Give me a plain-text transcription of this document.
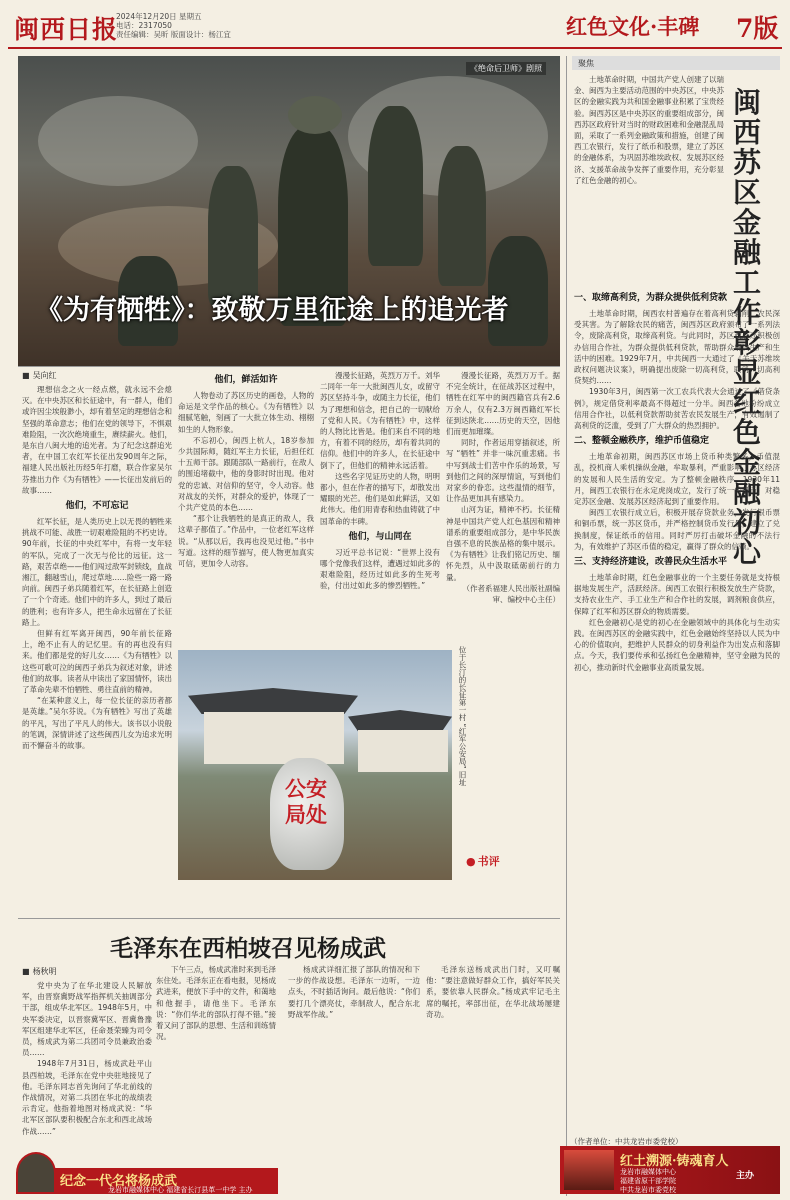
闽西日报
2024年12月20日 星期五
电话：2317050
责任编辑：吴昕 版面设计：杨江宜	红色文化·丰碑 7版
《绝命后卫师》剧照
《为有牺牲》：致敬万里征途上的追光者
聚焦
闽西苏区金融工作彰显红色金融初心

土地革命时期，中国共产党人创建了以瑞金、闽西为主要活动范围的中央苏区，中央苏区的金融实践为共和国金融事业积累了宝贵经验。闽西苏区是中央苏区的重要组成部分，闽西苏区政府针对当时的财政困难和金融混乱局面，采取了一系列金融政策和措施，创建了闽西工农银行，发行了纸币和股票，建立了苏区的金融体系，为巩固苏维埃政权、发展苏区经济、支援革命战争发挥了重要作用，充分彰显了红色金融的初心。

一、取缔高利贷，为群众提供低利贷款

土地革命时期，闽西农村普遍存在着高利贷剥削，农民深受其害。为了解除农民的痛苦，闽西苏区政府颁布了一系列法令，废除高利贷，取缔高利贷。与此同时，苏区政府还积极创办信用合作社，为群众提供低利贷款，帮助群众解决生产和生活中的困难。1929年7月，中共闽西一大通过了《关于苏维埃政权问题决议案》，明确提出废除一切高利贷，取消一切高利贷契约……

1930年3月，闽西第一次工农兵代表大会通过了《借贷条例》，规定借贷利率最高不得超过一分半。闽西各地纷纷成立信用合作社，以低利贷款帮助贫苦农民发展生产，有效遏制了高利贷的泛滥，受到了广大群众的热烈拥护。

二、整顿金融秩序，维护币值稳定

土地革命初期，闽西苏区市场上货币种类繁多，币值混乱，投机商人乘机操纵金融，牟取暴利，严重影响了苏区经济的发展和人民生活的安定。为了整顿金融秩序，1930年11月，闽西工农银行在永定虎岗成立，发行了统一的纸币，对稳定苏区金融、发展苏区经济起到了重要作用。

闽西工农银行成立后，积极开展存贷款业务，发行银币票和铜币票，统一苏区货币，并严格控制货币发行量，建立了兑换制度，保证纸币的信用。同时严厉打击破坏金融的不法行为，有效维护了苏区币值的稳定，赢得了群众的信赖。

三、支持经济建设，改善民众生活水平

土地革命时期，红色金融事业的一个主要任务就是支持根据地发展生产，活跃经济。闽西工农银行积极发放生产贷款，支持农业生产、手工业生产和合作社的发展，调剂粮食供应，保障了红军和苏区群众的物质需要。

红色金融初心是党的初心在金融领域中的具体化与生动实践。在闽西苏区的金融实践中，红色金融始终坚持以人民为中心的价值取向，把维护人民群众的切身利益作为出发点和落脚点。今天，我们要传承和弘扬红色金融精神，坚守金融为民的初心，推动新时代金融事业高质量发展。

（作者单位：中共龙岩市委党校）
红土溯源·铸魂育人
龙岩市融媒体中心
福建省原干部学院
中共龙岩市委党校
主办
■ 吴向红

理想信念之火一经点燃，就永远不会熄灭。在中央苏区和长征途中，有一群人，他们或许因尘埃般渺小，却有着坚定的理想信念和坚强的革命意志；他们在党的领导下，不惧艰难险阻，一次次绝境重生，赓续薪火。他们，是东自八闽大地的追光者。为了纪念这群追光者，在中国工农红军长征出发90周年之际，福建人民出版社历经5年打磨，联合作家吴尔芬推出力作《为有牺牲》——长征出发前后的故事……

他们，不可忘记

红军长征，是人类历史上以无畏的牺牲来挑战不可能、战胜一切艰难险阻的不朽史诗。90年前，长征的中央红军中，有将一支年轻的军队，完成了一次无与伦比的远征。这一路，艰苦卓绝——他们闯过敌军封锁线，血战湘江，翻越雪山，爬过草地……险些一路一路向前。闽西子弟兵随着红军，在长征路上创造了一个个奇迹。他们中的许多人，到过了最后的胜利；也有许多人，把生命永远留在了长征路上。

但鲜有红军离开闽西，90年前长征路上，绝不止有人的记忆里。有的再也没有归来。他们都是党的好儿女……《为有牺牲》以这些可歌可泣的闽西子弟兵为叙述对象，讲述他们的故事。读者从中读出了家国情怀，读出了革命先辈不怕牺牲、勇往直前的精神。

“在某种意义上，每一位长征的亲历者都是英雄。”吴尔芬说。《为有牺牲》写出了英雄的平凡，写出了平凡人的伟大。该书以小说般的笔调，深情讲述了这些闽西儿女为追求光明而不懈奋斗的故事。

他们，鲜活如许

人物卷动了苏区历史的画卷，人物的命运是文学作品的核心。《为有牺牲》以细腻笔触，刻画了一大批立体生动、栩栩如生的人物形象。

不忘初心，闽西上杭人，18岁参加少共国际师，随红军主力长征，后担任红十五师干部。跟随部队一路前行，在敌人的围追堵截中，他的身影时时出现。他对党的忠诚、对信仰的坚守，令人动容。他对战友的关怀，对群众的爱护，体现了一个共产党员的本色……

“那个让我牺牲的是真正的敌人，我这辈子都值了。”作品中，一位老红军这样说。“从那以后，我再也没见过他。”书中写道。这样的细节描写，使人物更加真实可信，更加令人动容。

漫漫长征路，英烈万万千。刘华二同年一年一大批闽西儿女，或留守苏区坚持斗争，或随主力长征，他们为了理想和信念，把自己的一切献给了党和人民。《为有牺牲》中，这样的人物比比皆是。他们来自不同的地方，有着不同的经历，却有着共同的信仰。他们中的许多人，在长征途中倒下了，但他们的精神永远活着。

这些名字见证历史的人物，明明都小，但在作者的描写下，却散发出耀眼的光芒。他们是如此鲜活，又如此伟大。他们用青春和热血铸就了中国革命的丰碑。

他们，与山同在

习近平总书记说：“世界上没有哪个党像我们这样，遭遇过如此多的艰难险阻，经历过如此多的生死考验，付出过如此多的惨烈牺牲。”

漫漫长征路，英烈万万千。据不完全统计，在征战苏区过程中，牺牲在红军中的闽西籍官兵有2.6万余人，仅有2.3万闽西籍红军长征到达陕北……历史的天空，因他们而更加璀璨。

同时，作者运用穿插叙述，所写 “牺牲” 并非一味沉重悲痛。书中写到战士们苦中作乐的场景，写到他们之间的深厚情谊，写到他们对家乡的眷恋。这些温情的细节，让作品更加具有感染力。

山河为证，精神不朽。长征精神是中国共产党人红色基因和精神谱系的重要组成部分，是中华民族自强不息的民族品格的集中展示。《为有牺牲》让我们铭记历史、缅怀先烈，从中汲取砥砺前行的力量。

（作者系福建人民出版社副编审、编校中心主任）

公安局处
位于长汀的长征第一村 “红军公安局” 旧址
● 书评
毛泽东在西柏坡召见杨成武
■ 杨秋明

党中央为了在华北建设人民解放军，由晋察冀野战军指挥机关抽调部分干部，组成华北军区。1948年5月，中央军委决定，以晋察冀军区、晋冀鲁豫军区组建华北军区，任命聂荣臻为司令员，杨成武为第二兵团司令员兼政治委员……

1948年7月31日，杨成武赴平山县西柏坡，毛泽东在党中央驻地接见了他。毛泽东同志首先询问了华北前线的作战情况，对第二兵团在华北的战绩表示肯定。他指着地图对杨成武说：“华北军区部队要积极配合东北和西北战场作战……”

下午三点，杨成武准时来到毛泽东住处。毛泽东正在看电报，见杨成武进来，便放下手中的文件，和蔼地和他握手，请他坐下。毛泽东说：“你们华北的部队打得不错。”接着又问了部队的思想、生活和训练情况。

杨成武详细汇报了部队的情况和下一步的作战设想。毛泽东一边听，一边点头，不时插话询问。最后他说：“你们要打几个漂亮仗，牵制敌人，配合东北野战军作战。”

毛泽东送杨成武出门时，又叮嘱他：“要注意做好群众工作，搞好军民关系，要依靠人民群众。”杨成武牢记毛主席的嘱托，率部出征，在华北战场屡建奇功。

纪念一代名将杨成武
龙岩市融媒体中心 福建省长汀县革一中学 主办
